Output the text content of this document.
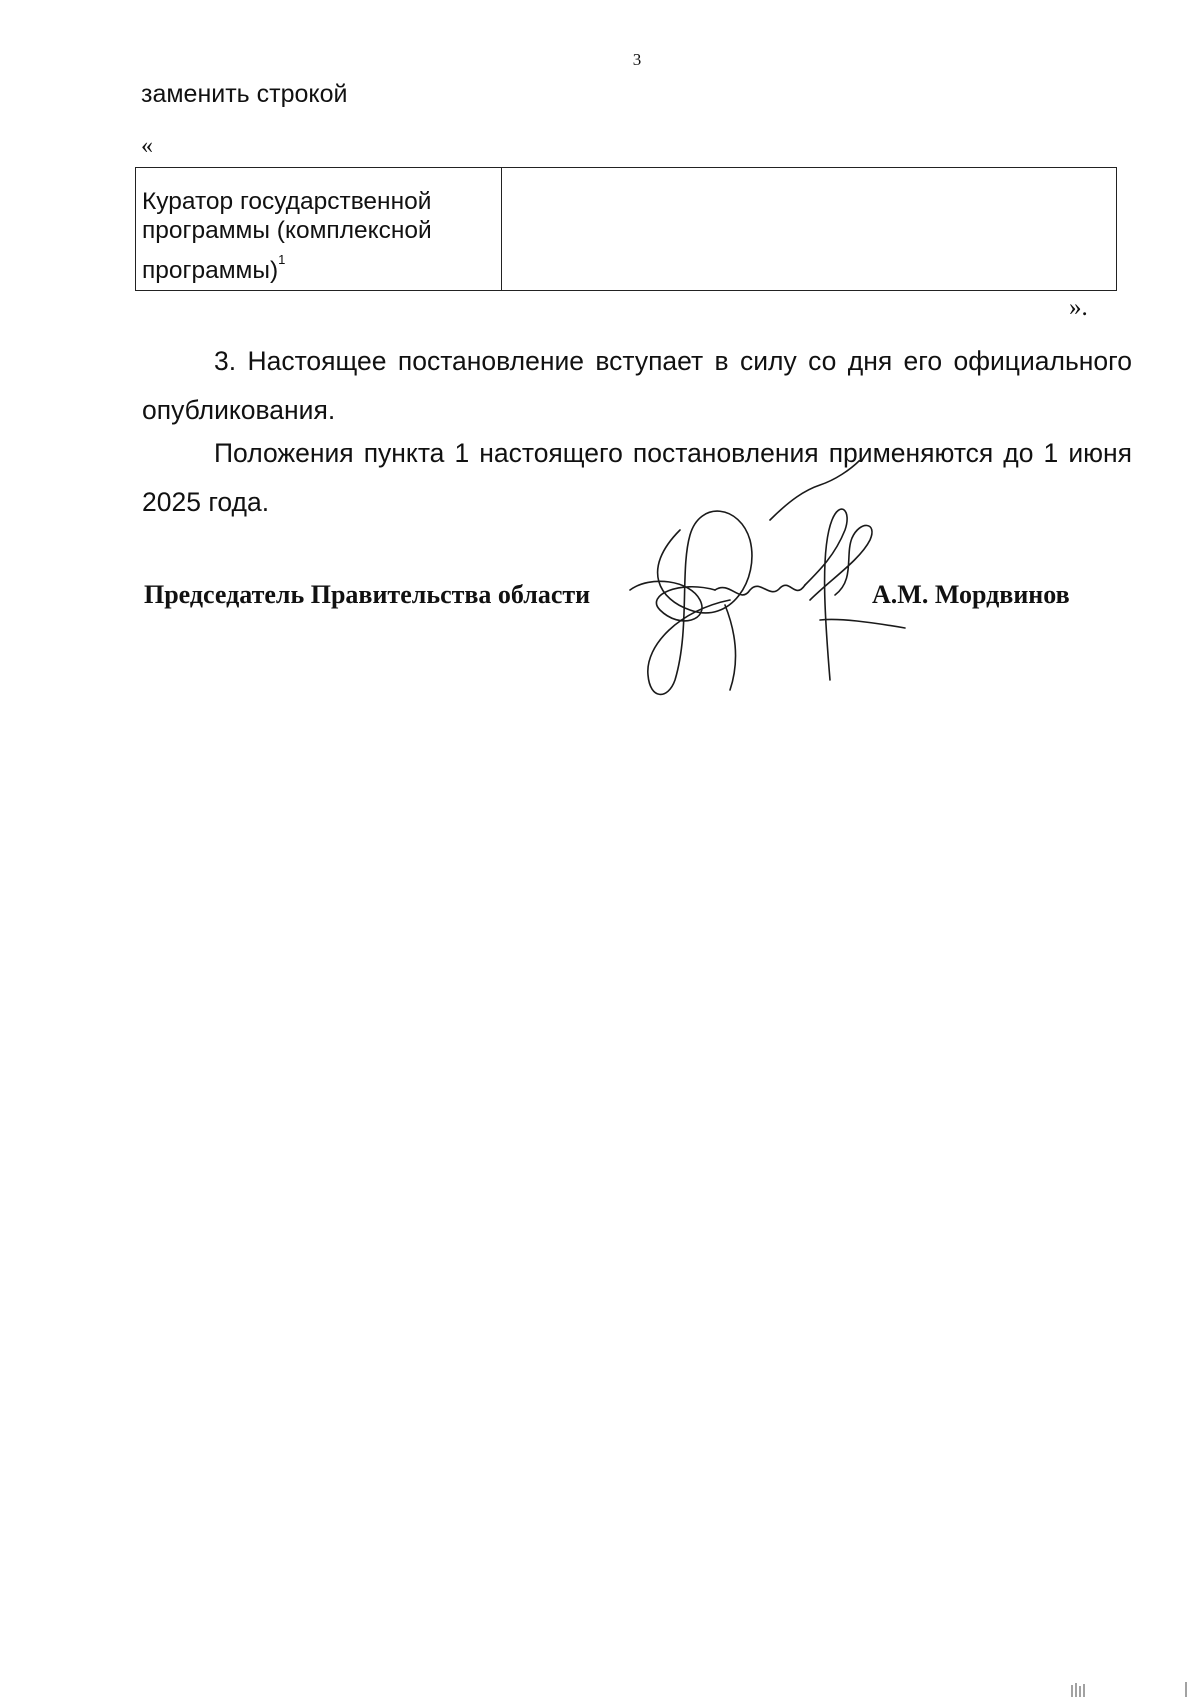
3
заменить строкой
«
Куратор государственной
программы (комплексной
программы)$^1$
».
3. Настоящее постановление вступает в силу со дня его официального
опубликования.
Положения пункта 1 настоящего постановления применяются до 1 июня
2025 года.
Председатель Правительства области	А.М. Мордвинов
